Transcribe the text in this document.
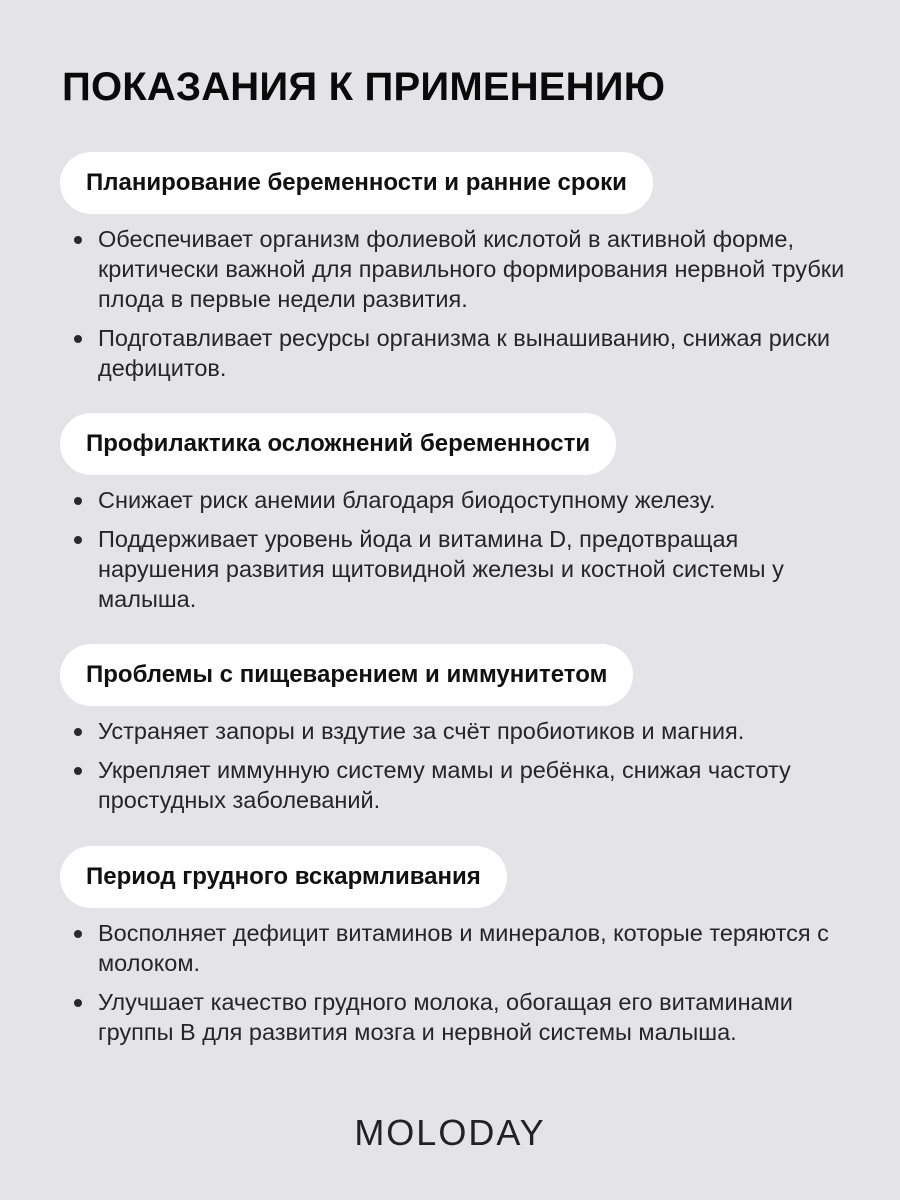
ПОКАЗАНИЯ К ПРИМЕНЕНИЮ
Планирование беременности и ранние сроки
Обеспечивает организм фолиевой кислотой в активной форме, критически важной для правильного формирования нервной трубки плода в первые недели развития.
Подготавливает ресурсы организма к вынашиванию, снижая риски дефицитов.
Профилактика осложнений беременности
Снижает риск анемии благодаря биодоступному железу.
Поддерживает уровень йода и витамина D, предотвращая нарушения развития щитовидной железы и костной системы у малыша.
Проблемы с пищеварением и иммунитетом
Устраняет запоры и вздутие за счёт пробиотиков и магния.
Укрепляет иммунную систему мамы и ребёнка, снижая частоту простудных заболеваний.
Период грудного вскармливания
Восполняет дефицит витаминов и минералов, которые теряются с молоком.
Улучшает качество грудного молока, обогащая его витаминами группы B для развития мозга и нервной системы малыша.
MOLODAY
